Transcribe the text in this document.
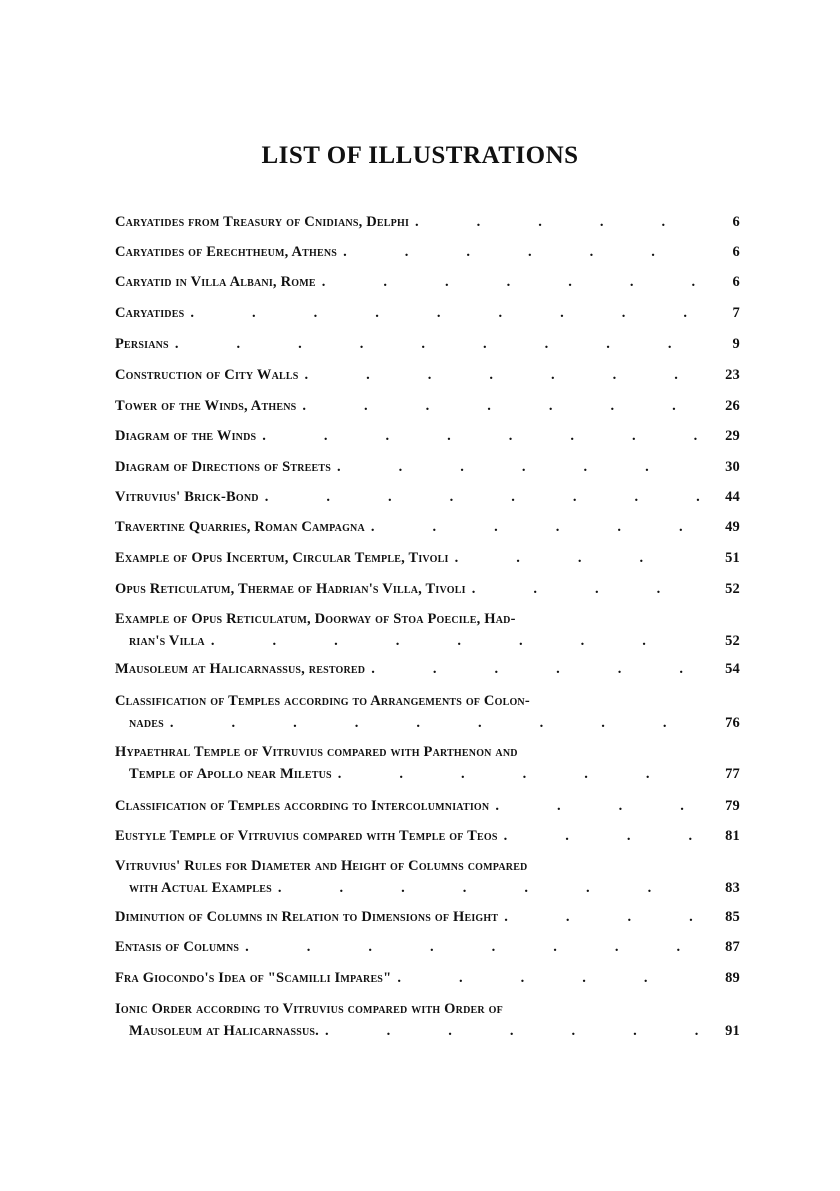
LIST OF ILLUSTRATIONS
Caryatides from Treasury of Cnidians, Delphi .	6
Caryatides of Erechtheum, Athens .	6
Caryatid in Villa Albani, Rome .	6
Caryatides .	7
Persians .	9
Construction of City Walls .	23
Tower of the Winds, Athens .	26
Diagram of the Winds .	29
Diagram of Directions of Streets .	30
Vitruvius' Brick-Bond .	44
Travertine Quarries, Roman Campagna .	49
Example of Opus Incertum, Circular Temple, Tivoli .	51
Opus Reticulatum, Thermae of Hadrian's Villa, Tivoli .	52
Example of Opus Reticulatum, Doorway of Stoa Poecile, Had-
rian's Villa .	52
Mausoleum at Halicarnassus, restored .	54
Classification of Temples according to Arrangements of Colon-
nades .	76
Hypaethral Temple of Vitruvius compared with Parthenon and
Temple of Apollo near Miletus .	77
Classification of Temples according to Intercolumniation .	79
Eustyle Temple of Vitruvius compared with Temple of Teos .	81
Vitruvius' Rules for Diameter and Height of Columns compared
with Actual Examples .	83
Diminution of Columns in Relation to Dimensions of Height .	85
Entasis of Columns .	87
Fra Giocondo's Idea of "Scamilli Impares" .	89
Ionic Order according to Vitruvius compared with Order of
Mausoleum at Halicarnassus. .	91
